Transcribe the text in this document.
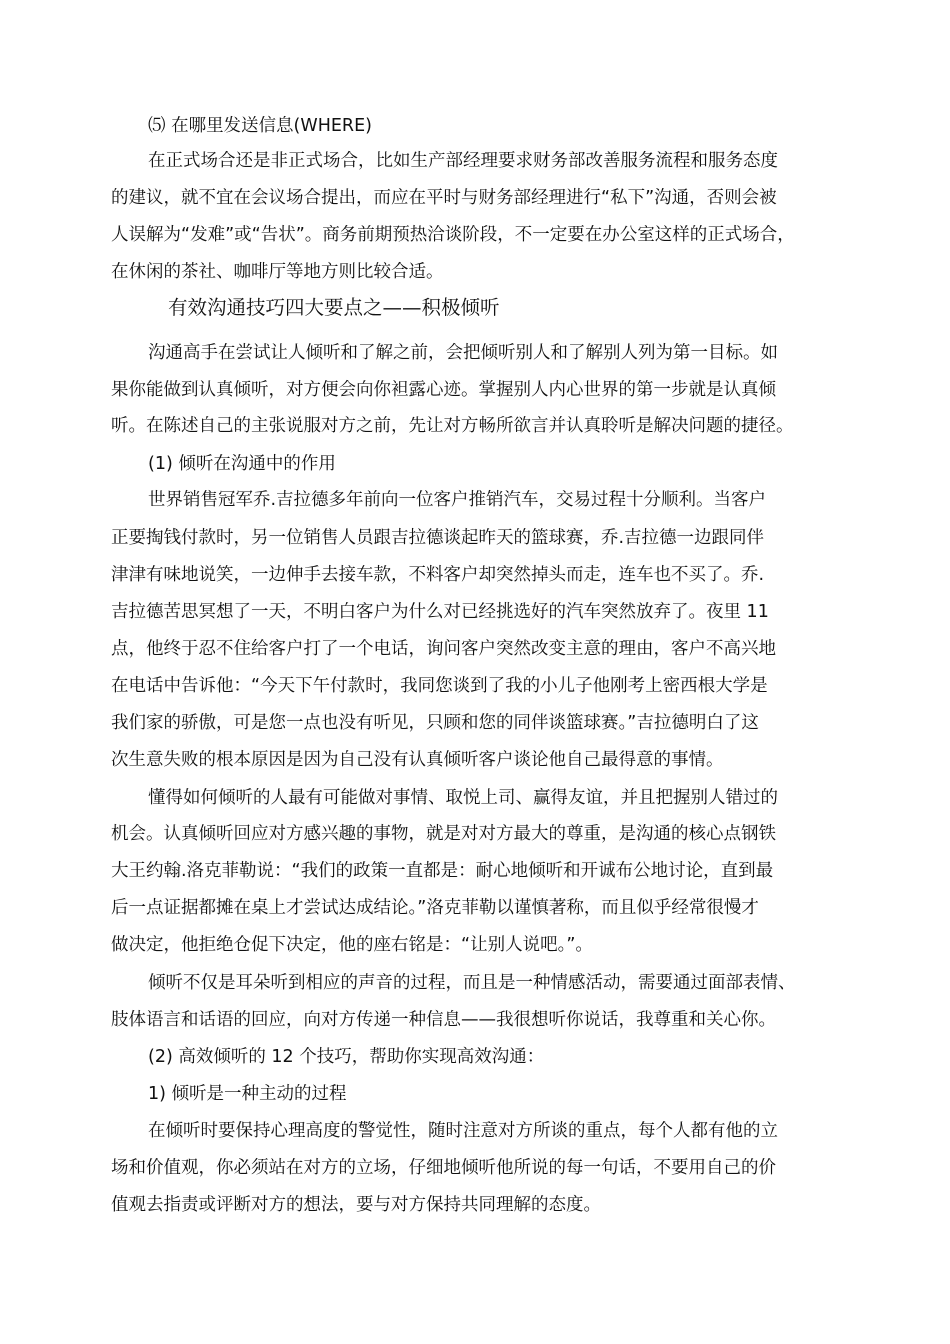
⑸ 在哪里发送信息(WHERE)
在正式场合还是非正式场合，比如生产部经理要求财务部改善服务流程和服务态度
的建议，就不宜在会议场合提出，而应在平时与财务部经理进行“私下”沟通，否则会被
人误解为“发难”或“告状”。商务前期预热洽谈阶段，不一定要在办公室这样的正式场合，
在休闲的茶社、咖啡厅等地方则比较合适。
有效沟通技巧四大要点之——积极倾听
沟通高手在尝试让人倾听和了解之前，会把倾听别人和了解别人列为第一目标。如
果你能做到认真倾听，对方便会向你袒露心迹。掌握别人内心世界的第一步就是认真倾
听。在陈述自己的主张说服对方之前，先让对方畅所欲言并认真聆听是解决问题的捷径。
(1) 倾听在沟通中的作用
世界销售冠军乔.吉拉德多年前向一位客户推销汽车，交易过程十分顺利。当客户
正要掏钱付款时，另一位销售人员跟吉拉德谈起昨天的篮球赛，乔.吉拉德一边跟同伴
津津有味地说笑，一边伸手去接车款，不料客户却突然掉头而走，连车也不买了。乔.
吉拉德苦思冥想了一天，不明白客户为什么对已经挑选好的汽车突然放弃了。夜里 11
点，他终于忍不住给客户打了一个电话，询问客户突然改变主意的理由，客户不高兴地
在电话中告诉他：“今天下午付款时，我同您谈到了我的小儿子他刚考上密西根大学是
我们家的骄傲，可是您一点也没有听见，只顾和您的同伴谈篮球赛。”吉拉德明白了这
次生意失败的根本原因是因为自己没有认真倾听客户谈论他自己最得意的事情。
懂得如何倾听的人最有可能做对事情、取悦上司、赢得友谊，并且把握别人错过的
机会。认真倾听回应对方感兴趣的事物，就是对对方最大的尊重，是沟通的核心点钢铁
大王约翰.洛克菲勒说：“我们的政策一直都是：耐心地倾听和开诚布公地讨论，直到最
后一点证据都摊在桌上才尝试达成结论。”洛克菲勒以谨慎著称，而且似乎经常很慢才
做决定，他拒绝仓促下决定，他的座右铭是：“让别人说吧。”。
倾听不仅是耳朵听到相应的声音的过程，而且是一种情感活动，需要通过面部表情、
肢体语言和话语的回应，向对方传递一种信息——我很想听你说话，我尊重和关心你。
(2) 高效倾听的 12 个技巧，帮助你实现高效沟通：
1) 倾听是一种主动的过程
在倾听时要保持心理高度的警觉性，随时注意对方所谈的重点，每个人都有他的立
场和价值观，你必须站在对方的立场，仔细地倾听他所说的每一句话，不要用自己的价
值观去指责或评断对方的想法，要与对方保持共同理解的态度。
